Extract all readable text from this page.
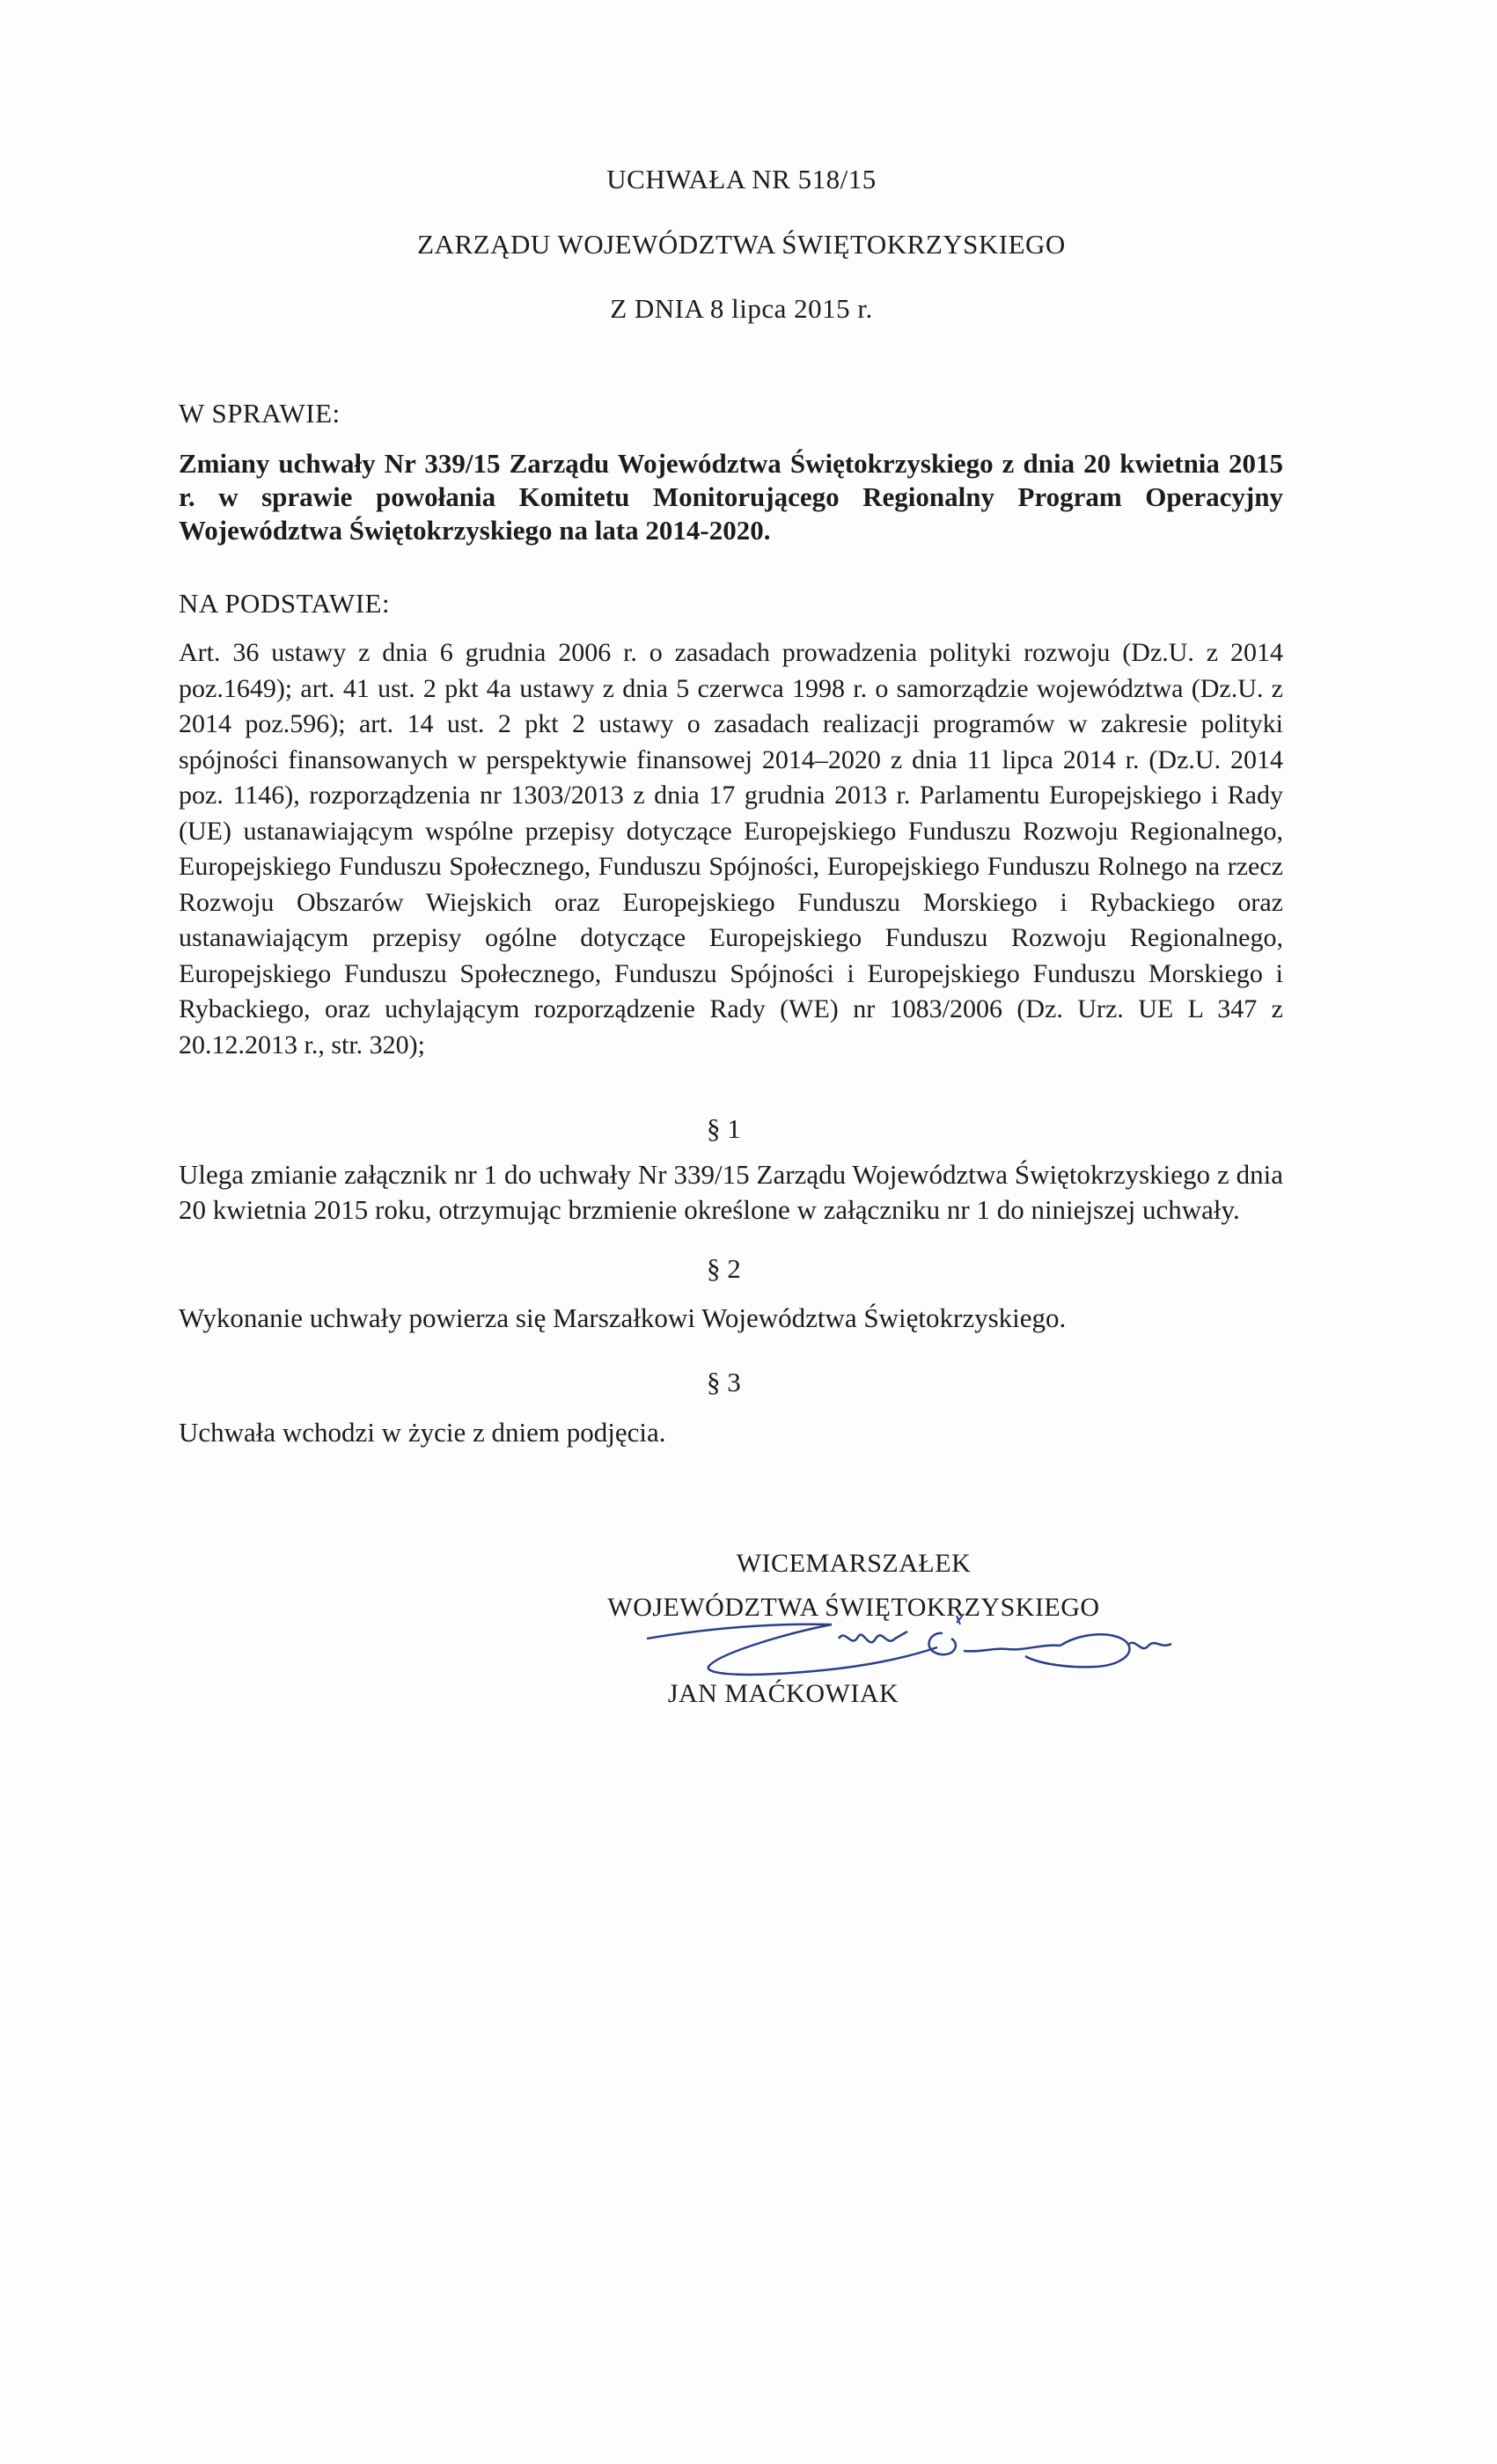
UCHWAŁA NR 518/15
ZARZĄDU WOJEWÓDZTWA ŚWIĘTOKRZYSKIEGO
Z DNIA 8 lipca 2015 r.
W SPRAWIE:
Zmiany uchwały Nr 339/15 Zarządu Województwa Świętokrzyskiego z dnia 20 kwietnia 2015 r. w sprawie powołania Komitetu Monitorującego Regionalny Program Operacyjny Województwa Świętokrzyskiego na lata 2014-2020.
NA PODSTAWIE:
Art. 36 ustawy z dnia 6 grudnia 2006 r. o zasadach prowadzenia polityki rozwoju (Dz.U. z 2014 poz.1649); art. 41 ust. 2 pkt 4a ustawy z dnia 5 czerwca 1998 r. o samorządzie województwa (Dz.U. z 2014 poz.596); art. 14 ust. 2 pkt 2 ustawy o zasadach realizacji programów w zakresie polityki spójności finansowanych w perspektywie finansowej 2014–2020 z dnia 11 lipca 2014 r. (Dz.U. 2014 poz. 1146), rozporządzenia nr 1303/2013 z dnia 17 grudnia 2013 r. Parlamentu Europejskiego i Rady (UE) ustanawiającym wspólne przepisy dotyczące Europejskiego Funduszu Rozwoju Regionalnego, Europejskiego Funduszu Społecznego, Funduszu Spójności, Europejskiego Funduszu Rolnego na rzecz Rozwoju Obszarów Wiejskich oraz Europejskiego Funduszu Morskiego i Rybackiego oraz ustanawiającym przepisy ogólne dotyczące Europejskiego Funduszu Rozwoju Regionalnego, Europejskiego Funduszu Społecznego, Funduszu Spójności i Europejskiego Funduszu Morskiego i Rybackiego, oraz uchylającym rozporządzenie Rady (WE) nr 1083/2006 (Dz. Urz. UE L 347 z 20.12.2013 r., str. 320);
§ 1
Ulega zmianie załącznik nr 1 do uchwały Nr 339/15 Zarządu Województwa Świętokrzyskiego z dnia 20 kwietnia 2015 roku, otrzymując brzmienie określone w załączniku nr 1 do niniejszej uchwały.
§ 2
Wykonanie uchwały powierza się Marszałkowi Województwa Świętokrzyskiego.
§ 3
Uchwała wchodzi w życie z dniem podjęcia.
WICEMARSZAŁEK
WOJEWÓDZTWA ŚWIĘTOKRZYSKIEGO
JAN MAĆKOWIAK
